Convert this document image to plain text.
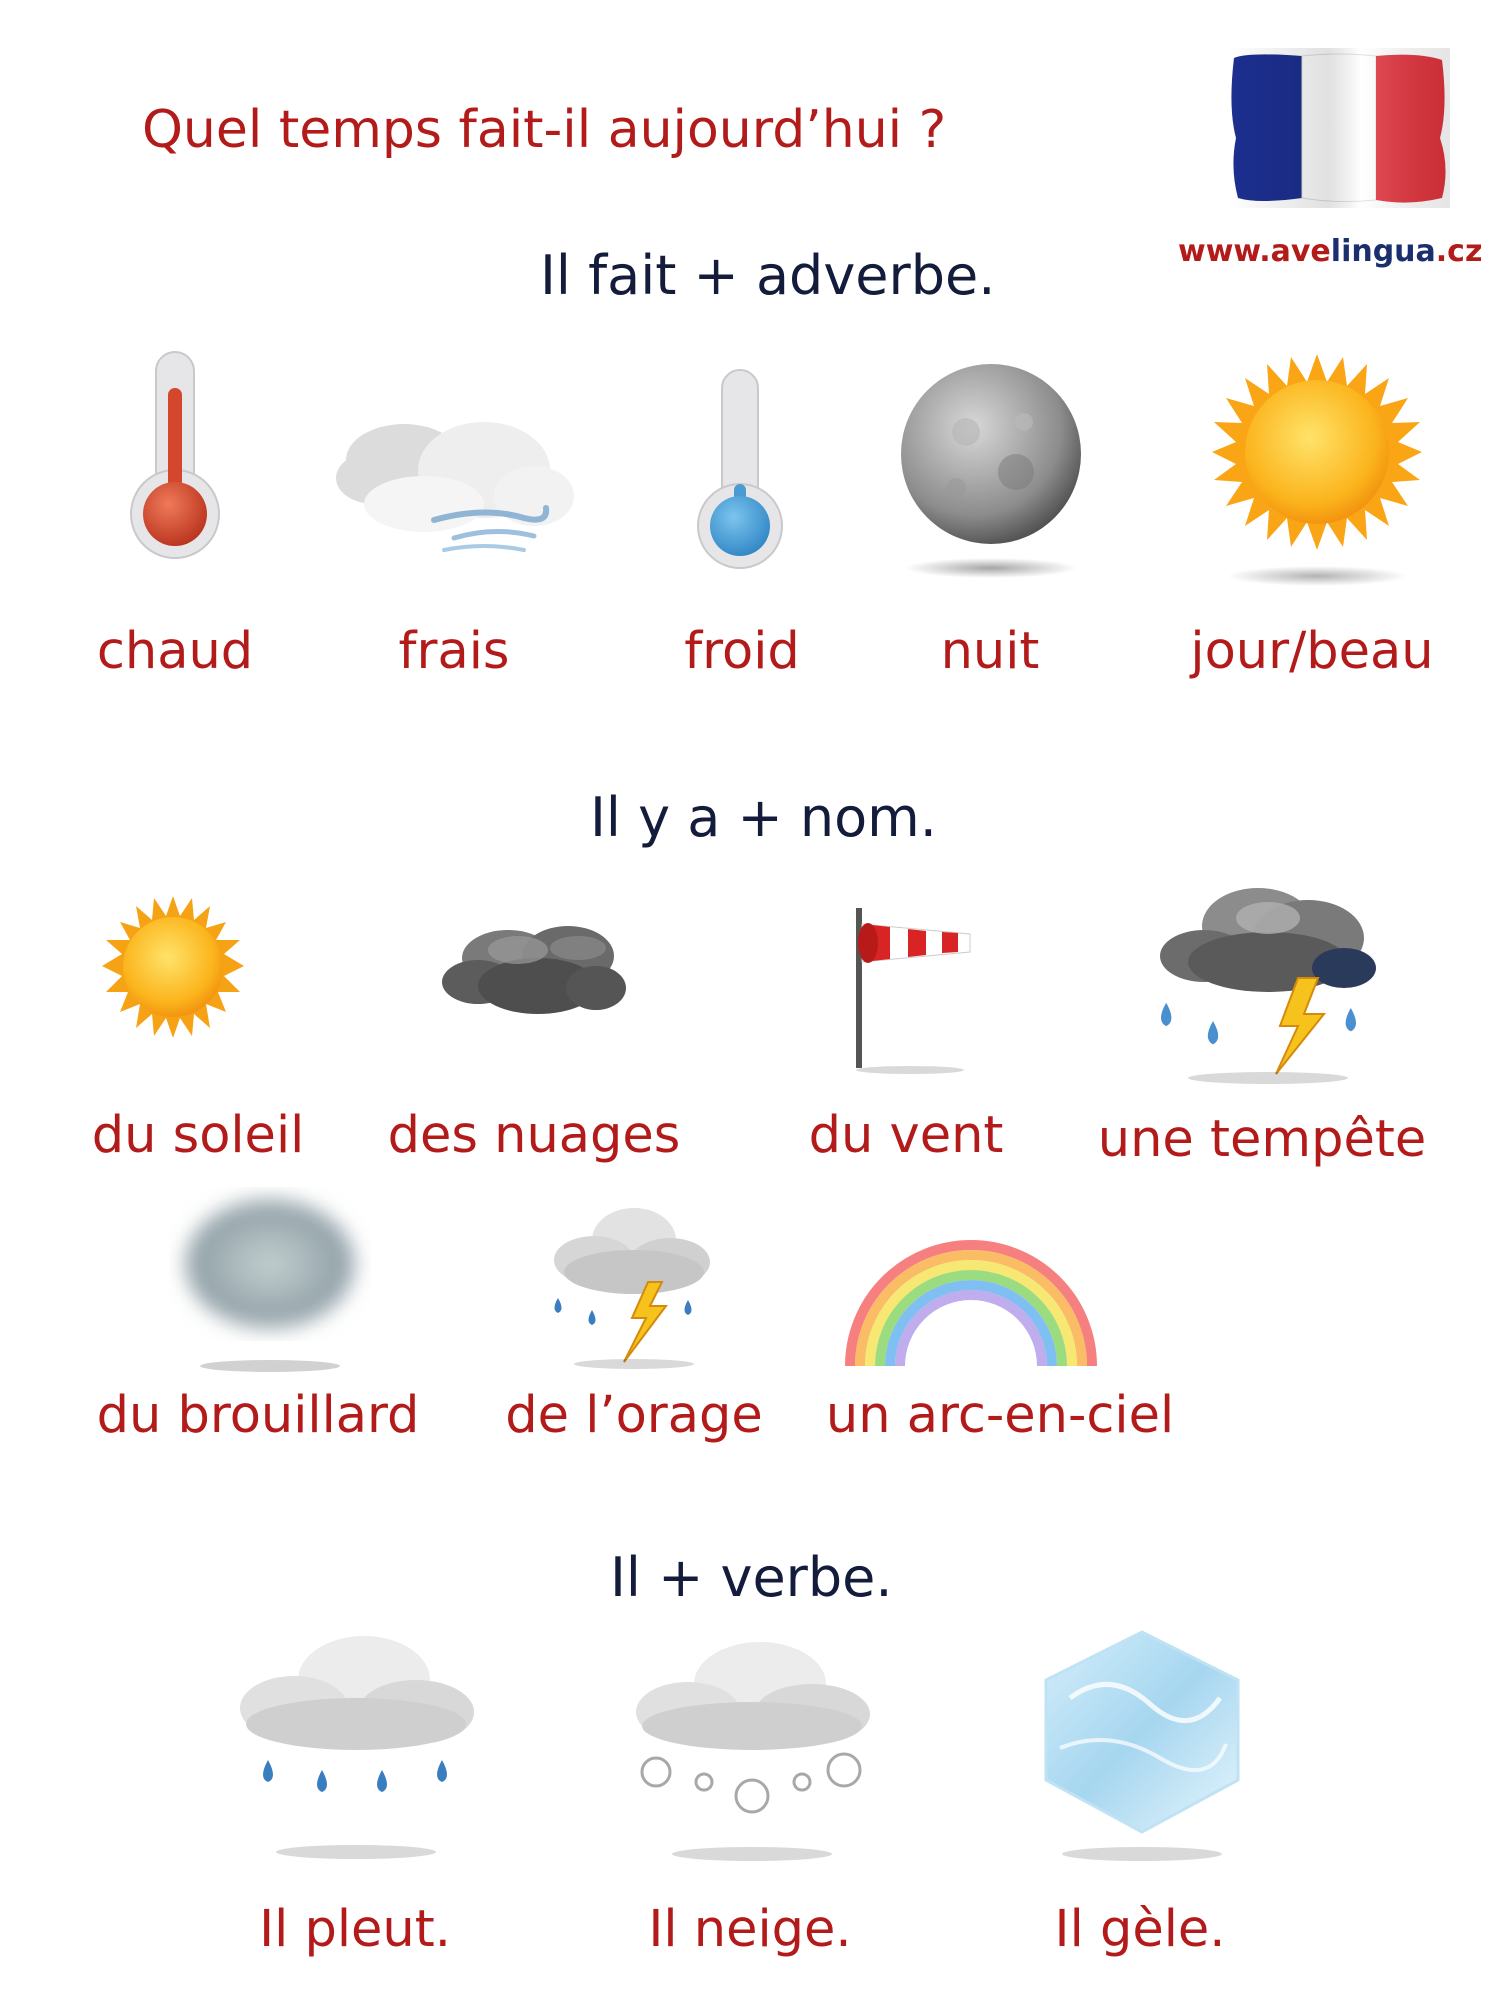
Quel temps fait-il aujourd’hui ?
www.avelingua.cz
Il fait + adverbe.
chaud	frais	froid	nuit	jour/beau
Il y a + nom.
du soleil des nuages	du vent une tempête
du brouillard de l’orage un arc-en-ciel
Il + verbe.
Il pleut.	Il neige.	Il gèle.
